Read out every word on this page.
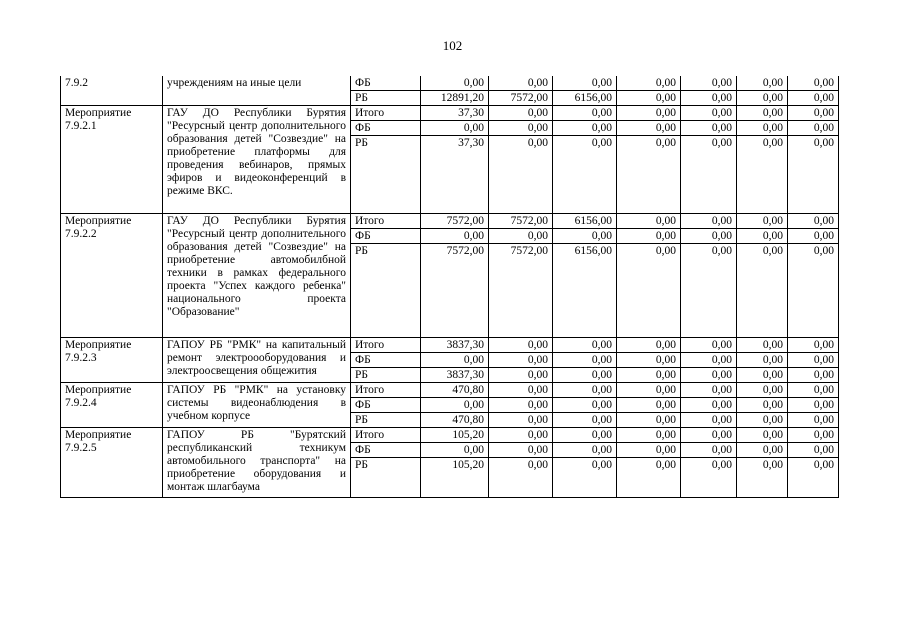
102
7.9.2	учреждениям на иные цели	ФБ	0,00	0,00	0,00	0,00	0,00	0,00	0,00
		РБ	12891,20	7572,00	6156,00	0,00	0,00	0,00	0,00
Мероприятие 7.9.2.1	ГАУ ДО Республики Бурятия "Ресурсный центр дополнительного образования детей "Созвездие" на приобретение платформы для проведения вебинаров, прямых эфиров и видеоконференций в режиме ВКС.	Итого	37,30	0,00	0,00	0,00	0,00	0,00	0,00
		ФБ	0,00	0,00	0,00	0,00	0,00	0,00	0,00
		РБ	37,30	0,00	0,00	0,00	0,00	0,00	0,00
Мероприятие 7.9.2.2	ГАУ ДО Республики Бурятия "Ресурсный центр дополнительного образования детей "Созвездие" на приобретение автомобилбной техники в рамках федерального проекта "Успех каждого ребенка" национального проекта "Образование"	Итого	7572,00	7572,00	6156,00	0,00	0,00	0,00	0,00
		ФБ	0,00	0,00	0,00	0,00	0,00	0,00	0,00
		РБ	7572,00	7572,00	6156,00	0,00	0,00	0,00	0,00
Мероприятие 7.9.2.3	ГАПОУ РБ "РМК" на капитальный ремонт электроооборудования и электроосвещения общежития	Итого	3837,30	0,00	0,00	0,00	0,00	0,00	0,00
		ФБ	0,00	0,00	0,00	0,00	0,00	0,00	0,00
		РБ	3837,30	0,00	0,00	0,00	0,00	0,00	0,00
Мероприятие 7.9.2.4	ГАПОУ РБ "РМК" на установку системы видеонаблюдения в учебном корпусе	Итого	470,80	0,00	0,00	0,00	0,00	0,00	0,00
		ФБ	0,00	0,00	0,00	0,00	0,00	0,00	0,00
		РБ	470,80	0,00	0,00	0,00	0,00	0,00	0,00
Мероприятие 7.9.2.5	ГАПОУ РБ "Бурятский республиканский техникум автомобильного транспорта" на приобретение оборудования и монтаж шлагбаума	Итого	105,20	0,00	0,00	0,00	0,00	0,00	0,00
		ФБ	0,00	0,00	0,00	0,00	0,00	0,00	0,00
		РБ	105,20	0,00	0,00	0,00	0,00	0,00	0,00
